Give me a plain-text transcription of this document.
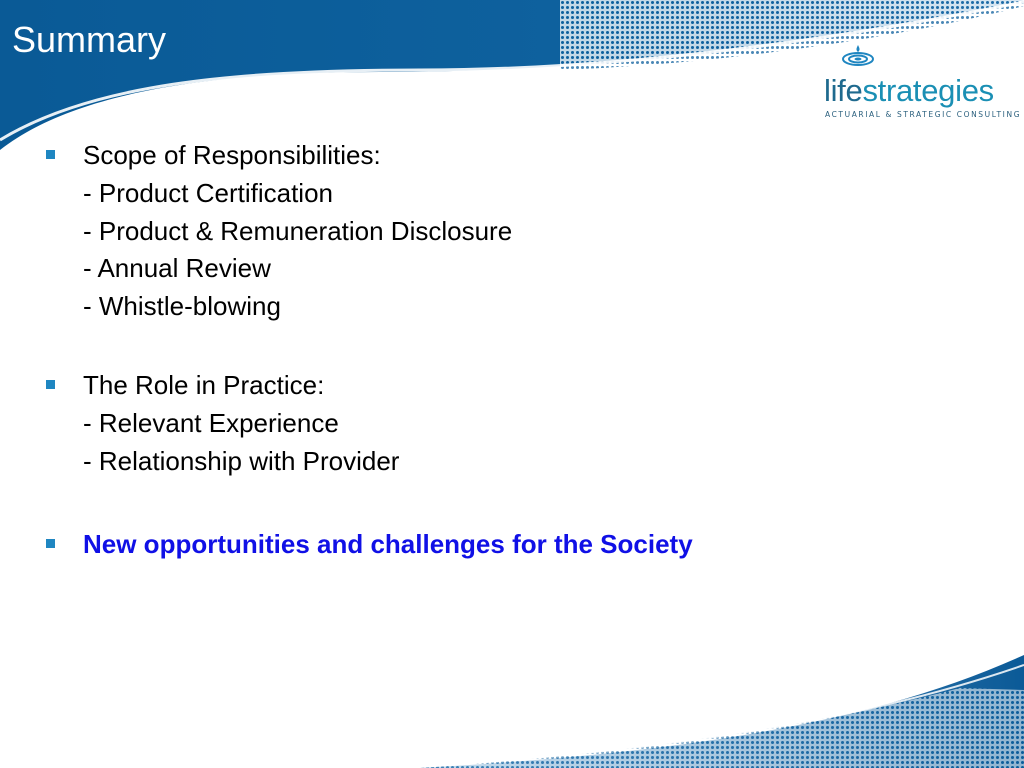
Summary
lifestrategies
ACTUARIAL & STRATEGIC CONSULTING
Scope of Responsibilities:
- Product Certification
- Product & Remuneration Disclosure
- Annual Review
- Whistle-blowing
The Role in Practice:
- Relevant Experience
- Relationship with Provider
New opportunities and challenges for the Society
